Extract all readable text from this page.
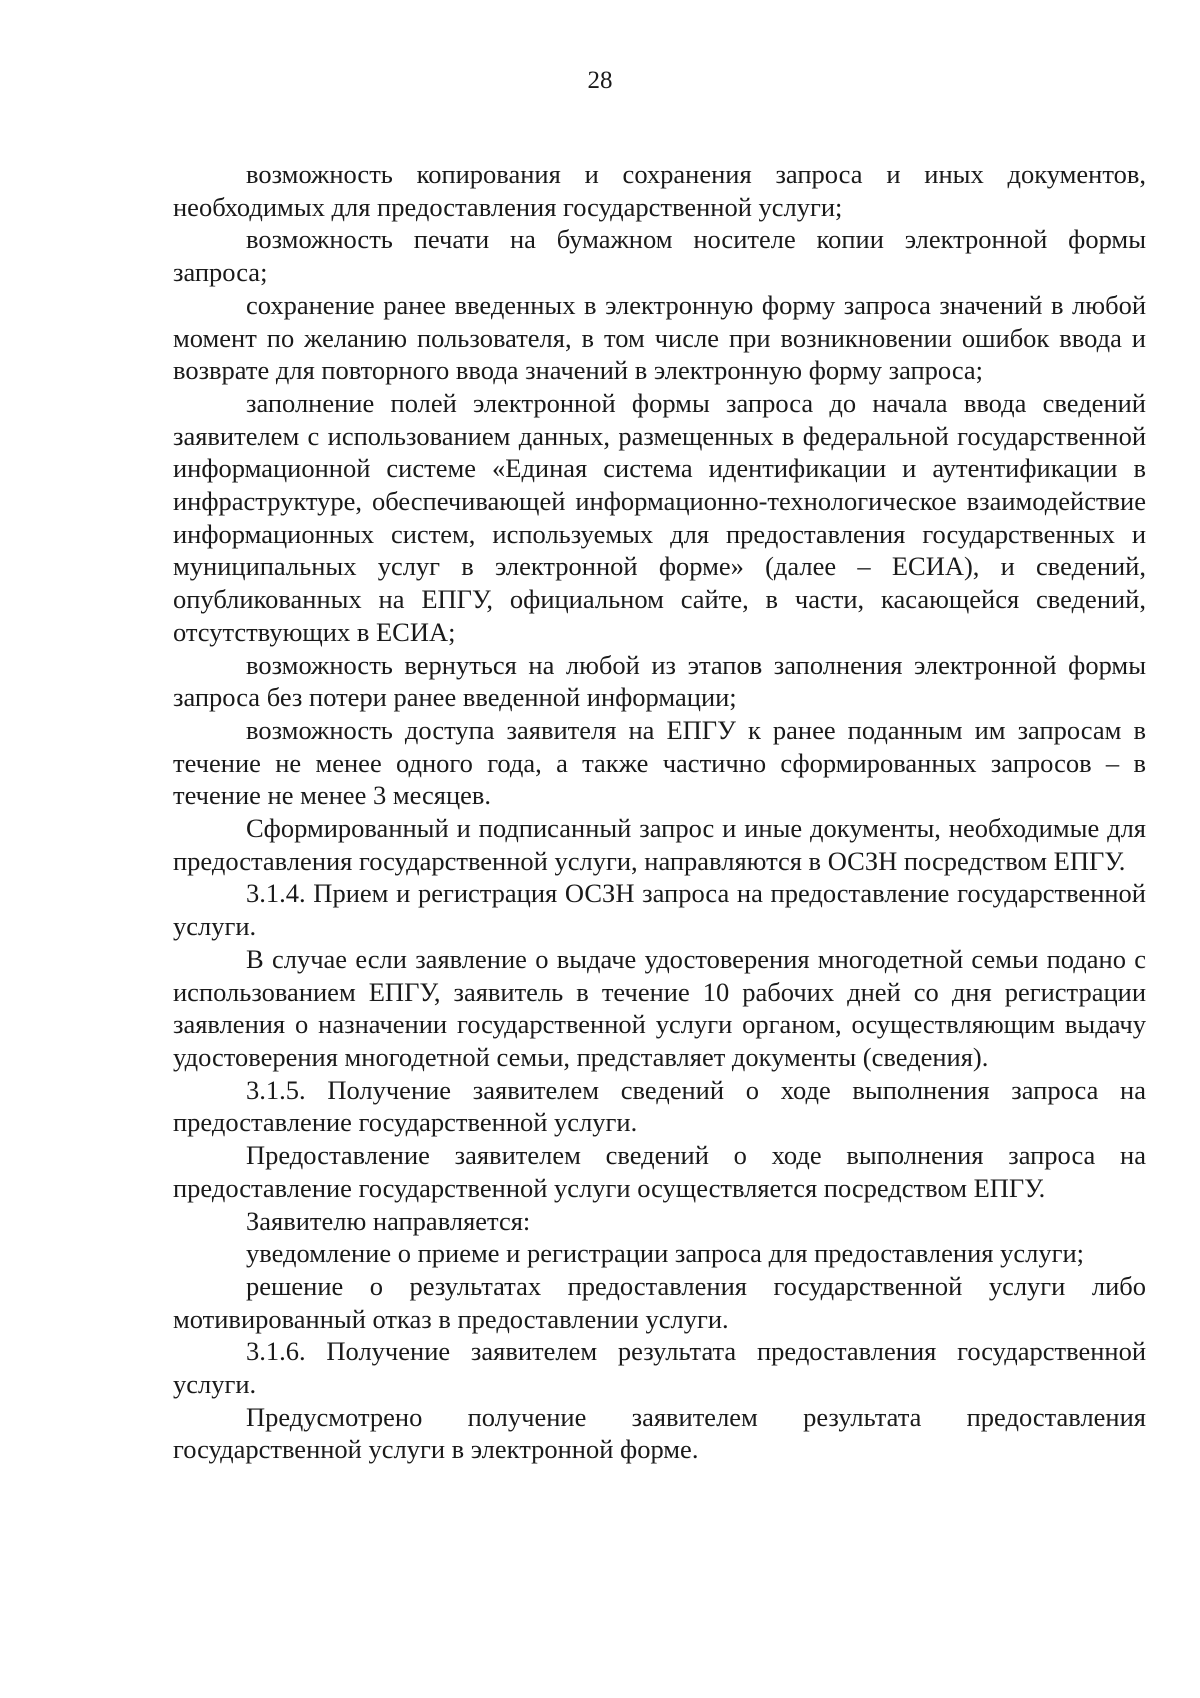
28

возможность копирования и сохранения запроса и иных документов, необходимых для предоставления государственной услуги;

возможность печати на бумажном носителе копии электронной формы запроса;

сохранение ранее введенных в электронную форму запроса значений в любой момент по желанию пользователя, в том числе при возникновении ошибок ввода и возврате для повторного ввода значений в электронную форму запроса;

заполнение полей электронной формы запроса до начала ввода сведений заявителем с использованием данных, размещенных в федеральной государственной информационной системе «Единая система идентификации и аутентификации в инфраструктуре, обеспечивающей информационно-технологическое взаимодействие информационных систем, используемых для предоставления государственных и муниципальных услуг в электронной форме» (далее – ЕСИА), и сведений, опубликованных на ЕПГУ, официальном сайте, в части, касающейся сведений, отсутствующих в ЕСИА;

возможность вернуться на любой из этапов заполнения электронной формы запроса без потери ранее введенной информации;

возможность доступа заявителя на ЕПГУ к ранее поданным им запросам в течение не менее одного года, а также частично сформированных запросов – в течение не менее 3 месяцев.

Сформированный и подписанный запрос и иные документы, необходимые для предоставления государственной услуги, направляются в ОСЗН посредством ЕПГУ.

3.1.4. Прием и регистрация ОСЗН запроса на предоставление государственной услуги.

В случае если заявление о выдаче удостоверения многодетной семьи подано с использованием ЕПГУ, заявитель в течение 10 рабочих дней со дня регистрации заявления о назначении государственной услуги органом, осуществляющим выдачу удостоверения многодетной семьи, представляет документы (сведения).

3.1.5. Получение заявителем сведений о ходе выполнения запроса на предоставление государственной услуги.

Предоставление заявителем сведений о ходе выполнения запроса на предоставление государственной услуги осуществляется посредством ЕПГУ.

Заявителю направляется:

уведомление о приеме и регистрации запроса для предоставления услуги;

решение о результатах предоставления государственной услуги либо мотивированный отказ в предоставлении услуги.

3.1.6. Получение заявителем результата предоставления государственной услуги.

Предусмотрено получение заявителем результата предоставления государственной услуги в электронной форме.
